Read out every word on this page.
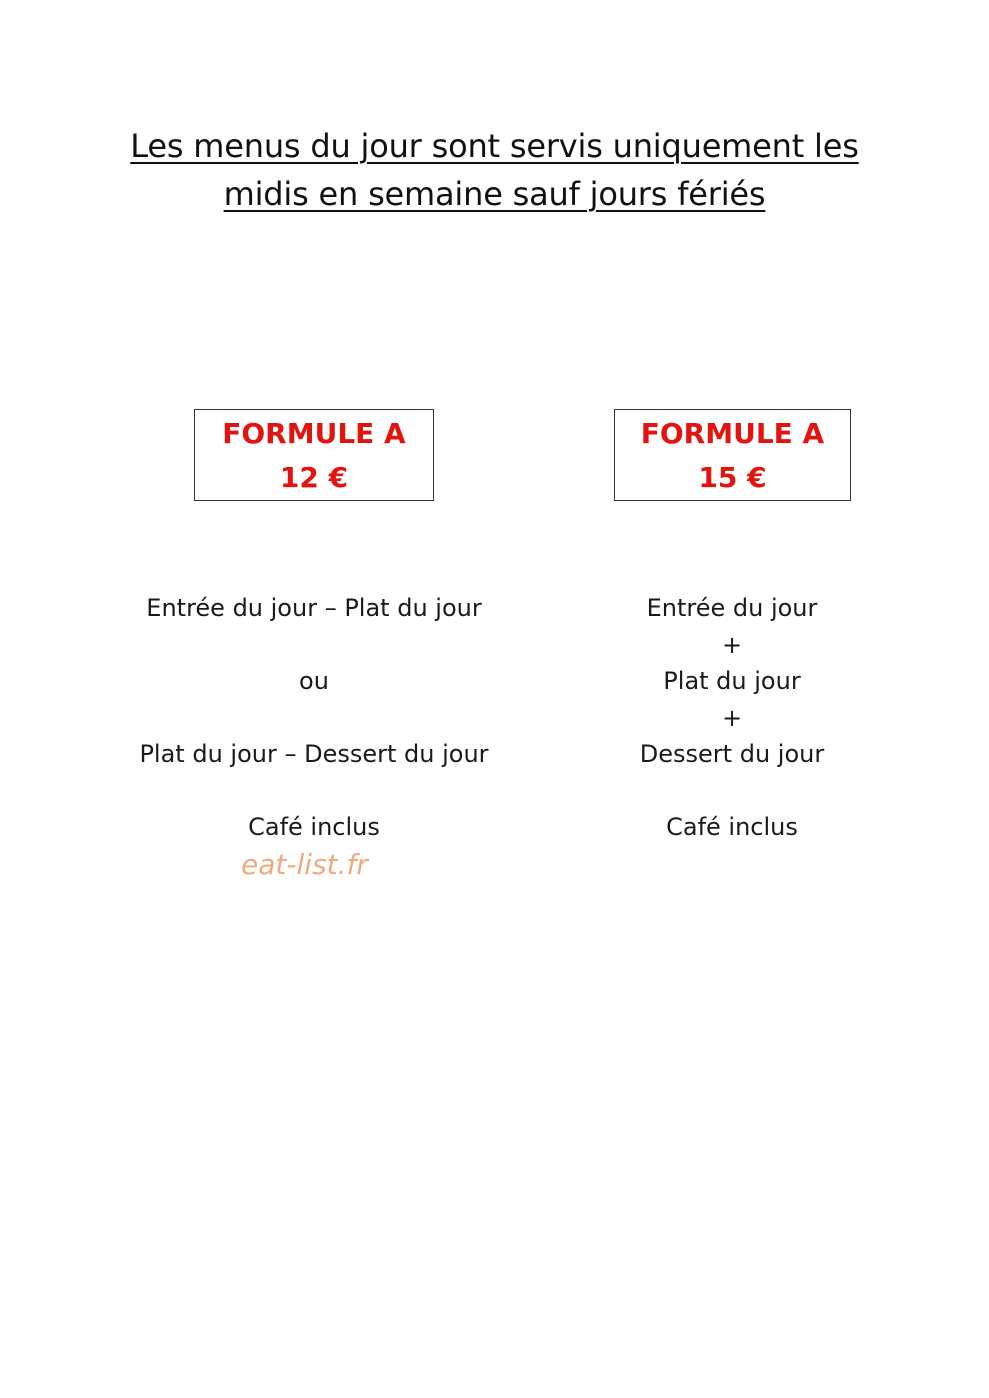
Les menus du jour sont servis uniquement les
midis en semaine sauf jours fériés
FORMULE A
12 €
FORMULE A
15 €
Entrée du jour – Plat du jour
ou
Plat du jour – Dessert du jour
Café inclus
Entrée du jour
+
Plat du jour
+
Dessert du jour
Café inclus
eat-list.fr
